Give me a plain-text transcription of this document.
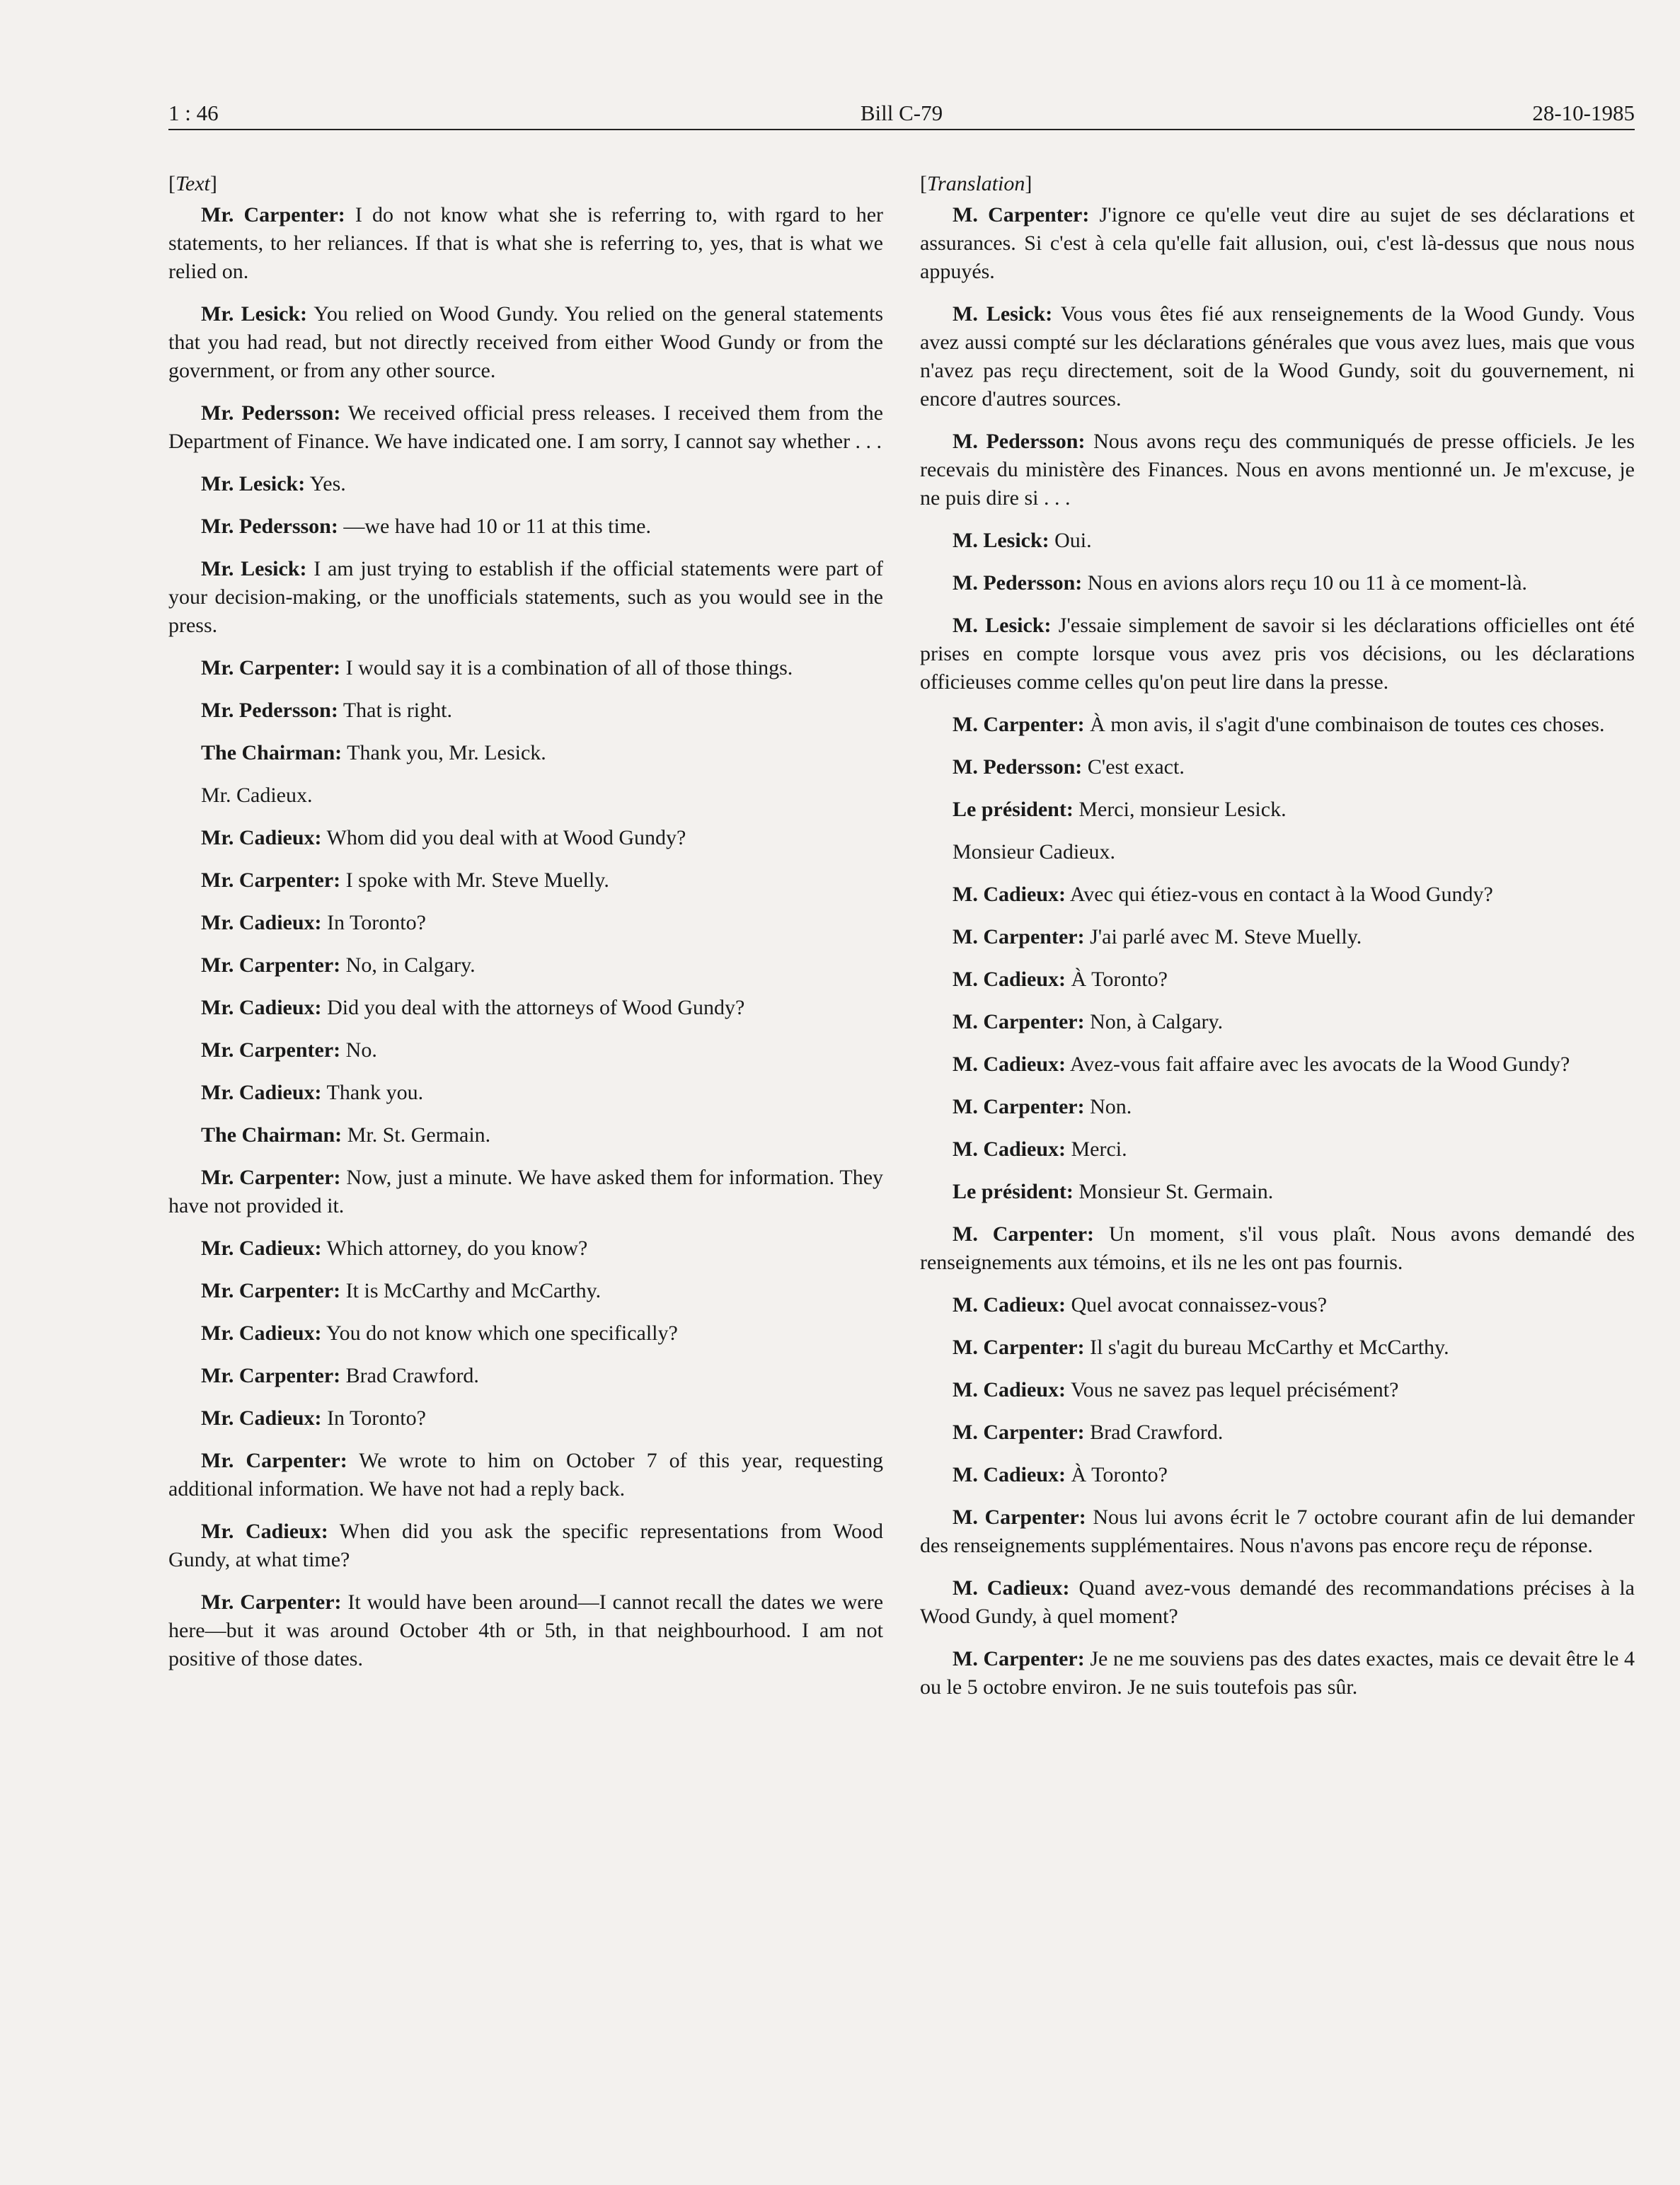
1 : 46	Bill C-79	28-10-1985
[Text]
Mr. Carpenter: I do not know what she is referring to, with rgard to her statements, to her reliances. If that is what she is referring to, yes, that is what we relied on.
Mr. Lesick: You relied on Wood Gundy. You relied on the general statements that you had read, but not directly received from either Wood Gundy or from the government, or from any other source.
Mr. Pedersson: We received official press releases. I received them from the Department of Finance. We have indicated one. I am sorry, I cannot say whether . . .
Mr. Lesick: Yes.
Mr. Pedersson: —we have had 10 or 11 at this time.
Mr. Lesick: I am just trying to establish if the official statements were part of your decision-making, or the unofficials statements, such as you would see in the press.
Mr. Carpenter: I would say it is a combination of all of those things.
Mr. Pedersson: That is right.
The Chairman: Thank you, Mr. Lesick.
Mr. Cadieux.
Mr. Cadieux: Whom did you deal with at Wood Gundy?
Mr. Carpenter: I spoke with Mr. Steve Muelly.
Mr. Cadieux: In Toronto?
Mr. Carpenter: No, in Calgary.
Mr. Cadieux: Did you deal with the attorneys of Wood Gundy?
Mr. Carpenter: No.
Mr. Cadieux: Thank you.
The Chairman: Mr. St. Germain.
Mr. Carpenter: Now, just a minute. We have asked them for information. They have not provided it.
Mr. Cadieux: Which attorney, do you know?
Mr. Carpenter: It is McCarthy and McCarthy.
Mr. Cadieux: You do not know which one specifically?
Mr. Carpenter: Brad Crawford.
Mr. Cadieux: In Toronto?
Mr. Carpenter: We wrote to him on October 7 of this year, requesting additional information. We have not had a reply back.
Mr. Cadieux: When did you ask the specific representations from Wood Gundy, at what time?
Mr. Carpenter: It would have been around—I cannot recall the dates we were here—but it was around October 4th or 5th, in that neighbourhood. I am not positive of those dates.
[Translation]
M. Carpenter: J'ignore ce qu'elle veut dire au sujet de ses déclarations et assurances. Si c'est à cela qu'elle fait allusion, oui, c'est là-dessus que nous nous appuyés.
M. Lesick: Vous vous êtes fié aux renseignements de la Wood Gundy. Vous avez aussi compté sur les déclarations générales que vous avez lues, mais que vous n'avez pas reçu directement, soit de la Wood Gundy, soit du gouvernement, ni encore d'autres sources.
M. Pedersson: Nous avons reçu des communiqués de presse officiels. Je les recevais du ministère des Finances. Nous en avons mentionné un. Je m'excuse, je ne puis dire si . . .
M. Lesick: Oui.
M. Pedersson: Nous en avions alors reçu 10 ou 11 à ce moment-là.
M. Lesick: J'essaie simplement de savoir si les déclarations officielles ont été prises en compte lorsque vous avez pris vos décisions, ou les déclarations officieuses comme celles qu'on peut lire dans la presse.
M. Carpenter: À mon avis, il s'agit d'une combinaison de toutes ces choses.
M. Pedersson: C'est exact.
Le président: Merci, monsieur Lesick.
Monsieur Cadieux.
M. Cadieux: Avec qui étiez-vous en contact à la Wood Gundy?
M. Carpenter: J'ai parlé avec M. Steve Muelly.
M. Cadieux: À Toronto?
M. Carpenter: Non, à Calgary.
M. Cadieux: Avez-vous fait affaire avec les avocats de la Wood Gundy?
M. Carpenter: Non.
M. Cadieux: Merci.
Le président: Monsieur St. Germain.
M. Carpenter: Un moment, s'il vous plaît. Nous avons demandé des renseignements aux témoins, et ils ne les ont pas fournis.
M. Cadieux: Quel avocat connaissez-vous?
M. Carpenter: Il s'agit du bureau McCarthy et McCarthy.
M. Cadieux: Vous ne savez pas lequel précisément?
M. Carpenter: Brad Crawford.
M. Cadieux: À Toronto?
M. Carpenter: Nous lui avons écrit le 7 octobre courant afin de lui demander des renseignements supplémentaires. Nous n'avons pas encore reçu de réponse.
M. Cadieux: Quand avez-vous demandé des recommandations précises à la Wood Gundy, à quel moment?
M. Carpenter: Je ne me souviens pas des dates exactes, mais ce devait être le 4 ou le 5 octobre environ. Je ne suis toutefois pas sûr.
